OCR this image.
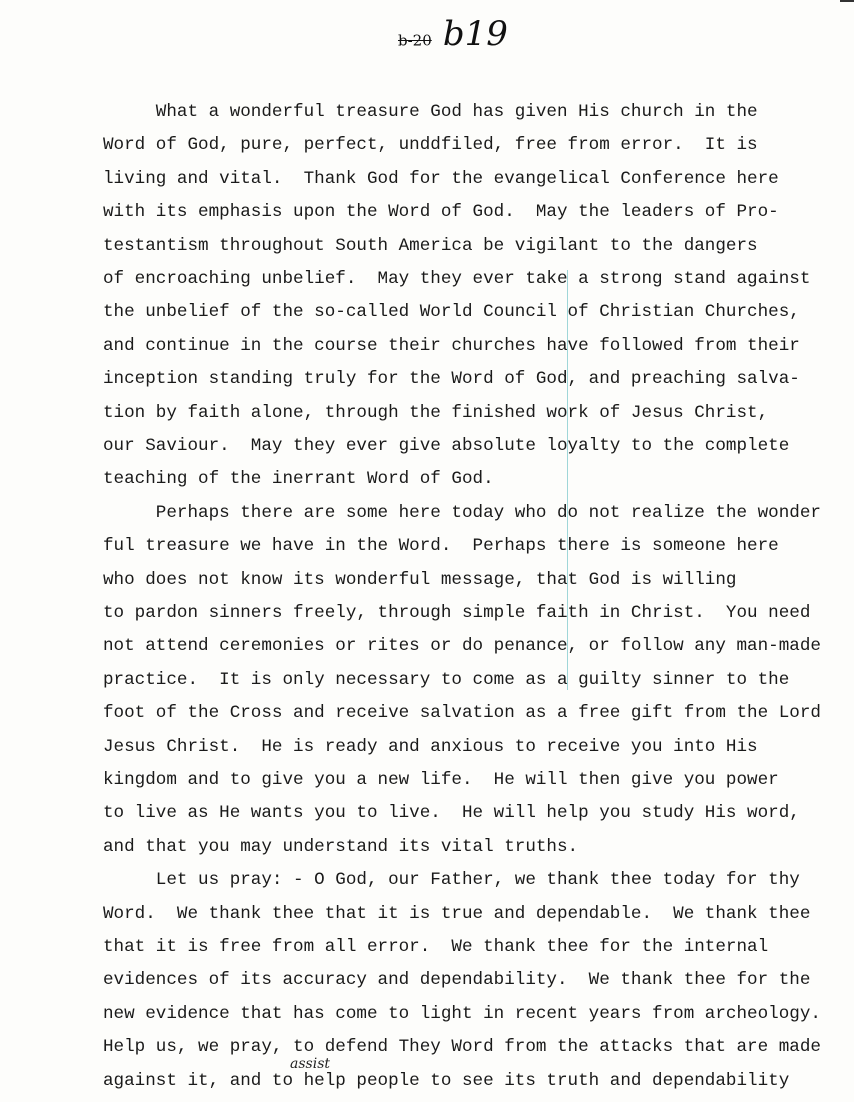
b-20 b19
What a wonderful treasure God has given His church in the
Word of God, pure, perfect, unddfiled, free from error.  It is
living and vital.  Thank God for the evangelical Conference here
with its emphasis upon the Word of God.  May the leaders of Pro-
testantism throughout South America be vigilant to the dangers
of encroaching unbelief.  May they ever take a strong stand against
the unbelief of the so-called World Council of Christian Churches,
and continue in the course their churches have followed from their
inception standing truly for the Word of God, and preaching salva-
tion by faith alone, through the finished work of Jesus Christ,
our Saviour.  May they ever give absolute loyalty to the complete
teaching of the inerrant Word of God.
Perhaps there are some here today who do not realize the wonder
ful treasure we have in the Word.  Perhaps there is someone here
who does not know its wonderful message, that God is willing
to pardon sinners freely, through simple faith in Christ.  You need
not attend ceremonies or rites or do penance, or follow any man-made
practice.  It is only necessary to come as a guilty sinner to the
foot of the Cross and receive salvation as a free gift from the Lord
Jesus Christ.  He is ready and anxious to receive you into His
kingdom and to give you a new life.  He will then give you power
to live as He wants you to live.  He will help you study His word,
and that you may understand its vital truths.
Let us pray: - O God, our Father, we thank thee today for thy
Word.  We thank thee that it is true and dependable.  We thank thee
that it is free from all error.  We thank thee for the internal
evidences of its accuracy and dependability.  We thank thee for the
new evidence that has come to light in recent years from archeology.
Help us, we pray, to defend They Word from the attacks that are made
against it, and to help people to see its truth and dependability
assist
